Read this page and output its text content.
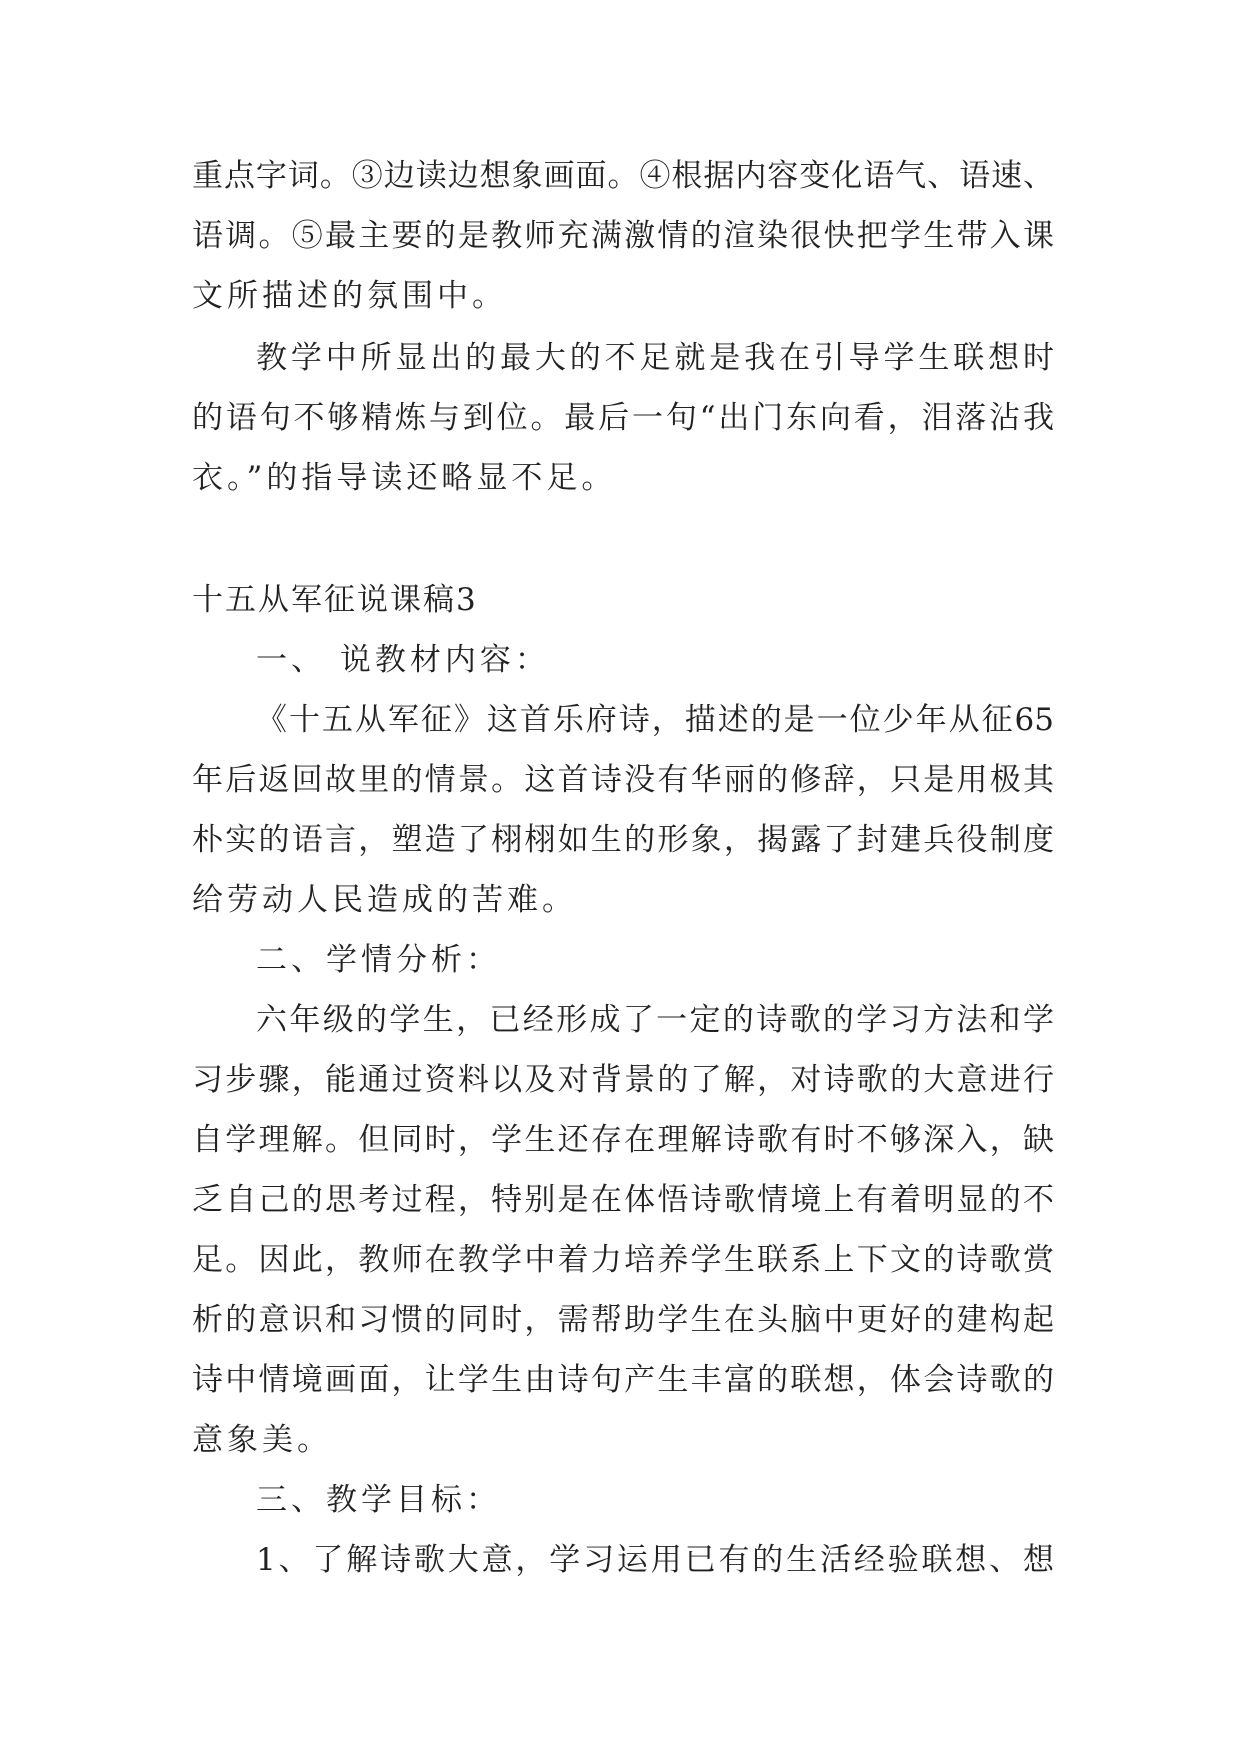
重点字词。③边读边想象画面。④根据内容变化语气、语速、
语调。⑤最主要的是教师充满激情的渲染很快把学生带入课
文所描述的氛围中。
教学中所显出的最大的不足就是我在引导学生联想时
的语句不够精炼与到位。最后一句“出门东向看，泪落沾我
衣。”的指导读还略显不足。
十五从军征说课稿3
一、 说教材内容：
《十五从军征》这首乐府诗，描述的是一位少年从征65
年后返回故里的情景。这首诗没有华丽的修辞，只是用极其
朴实的语言，塑造了栩栩如生的形象，揭露了封建兵役制度
给劳动人民造成的苦难。
二、学情分析：
六年级的学生，已经形成了一定的诗歌的学习方法和学
习步骤，能通过资料以及对背景的了解，对诗歌的大意进行
自学理解。但同时，学生还存在理解诗歌有时不够深入，缺
乏自己的思考过程，特别是在体悟诗歌情境上有着明显的不
足。因此，教师在教学中着力培养学生联系上下文的诗歌赏
析的意识和习惯的同时，需帮助学生在头脑中更好的建构起
诗中情境画面，让学生由诗句产生丰富的联想，体会诗歌的
意象美。
三、教学目标：
1、了解诗歌大意，学习运用已有的生活经验联想、想
